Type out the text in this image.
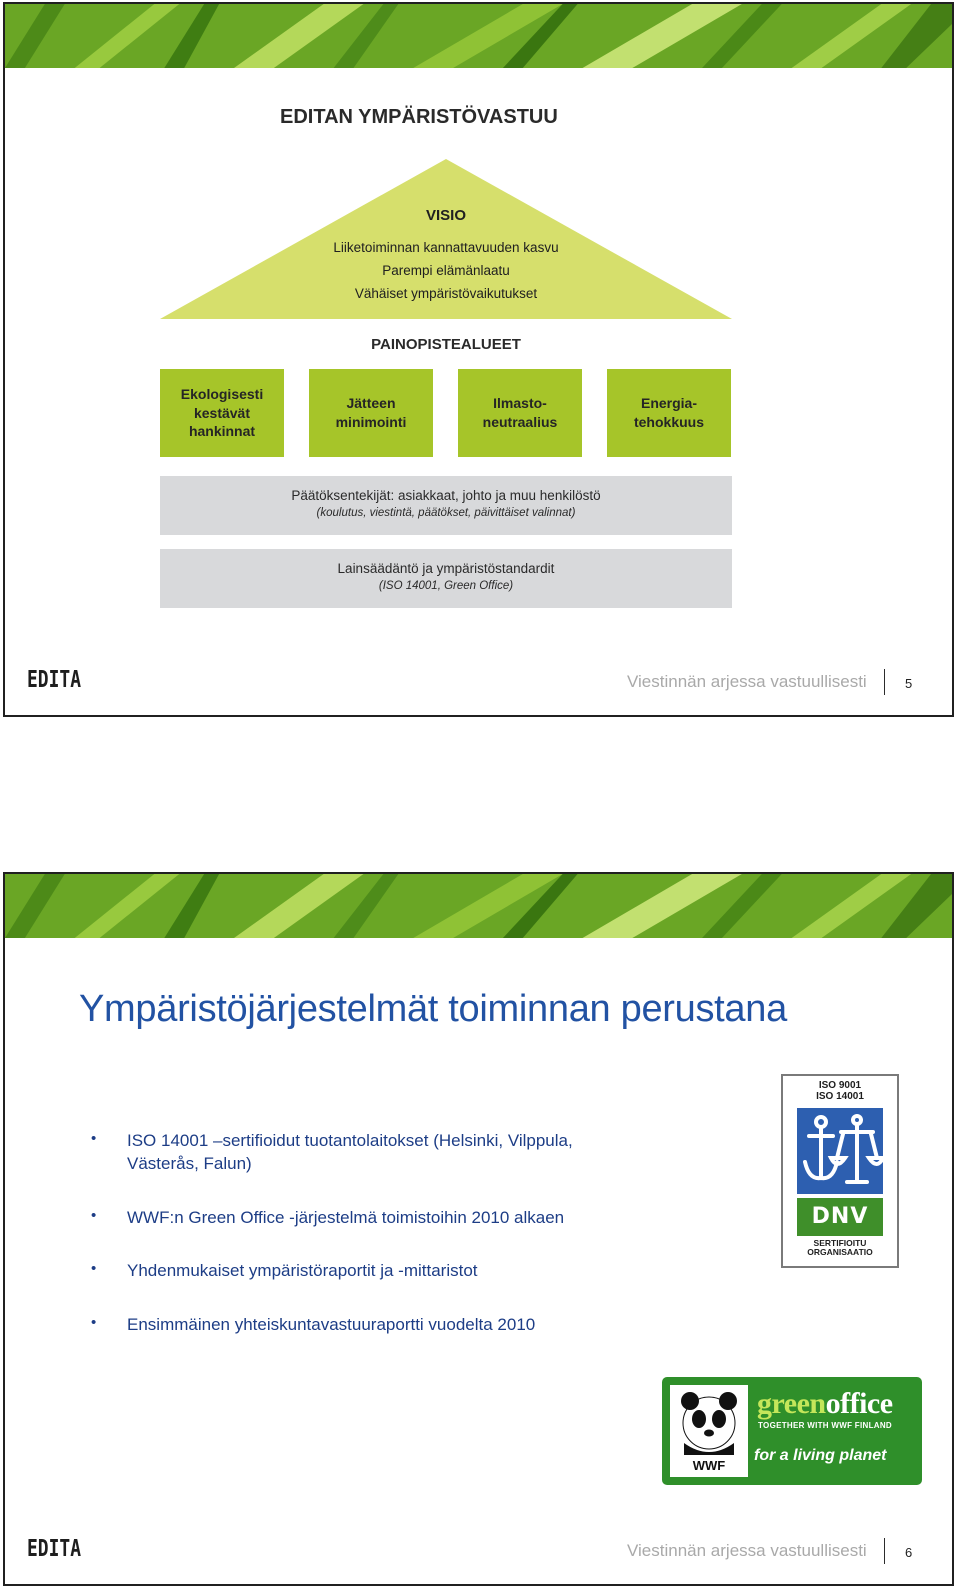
EDITAN YMPÄRISTÖVASTUU
VISIO
Liiketoiminnan kannattavuuden kasvu
Parempi elämänlaatu
Vähäiset ympäristövaikutukset
PAINOPISTEALUEET
Ekologisesti
kestävät
hankinnat
Jätteen
minimointi
Ilmasto-
neutraalius
Energia-
tehokkuus
Päätöksentekijät: asiakkaat, johto ja muu henkilöstö
(koulutus, viestintä, päätökset, päivittäiset valinnat)
Lainsäädäntö ja ympäristöstandardit
(ISO 14001, Green Office)
EDITA	Viestinnän arjessa vastuullisesti	5
Ympäristöjärjestelmät toiminnan perustana
• ISO 14001 –sertifioidut tuotantolaitokset (Helsinki, Vilppula,
Västerås, Falun)
• WWF:n Green Office -järjestelmä toimistoihin 2010 alkaen
• Yhdenmukaiset ympäristöraportit ja -mittaristot
• Ensimmäinen yhteiskuntavastuuraportti vuodelta 2010
ISO 9001
ISO 14001
DNV
SERTIFIOITU
ORGANISAATIO
WWF
greenoffice
TOGETHER WITH WWF FINLAND
for a living planet
EDITA	Viestinnän arjessa vastuullisesti	6
